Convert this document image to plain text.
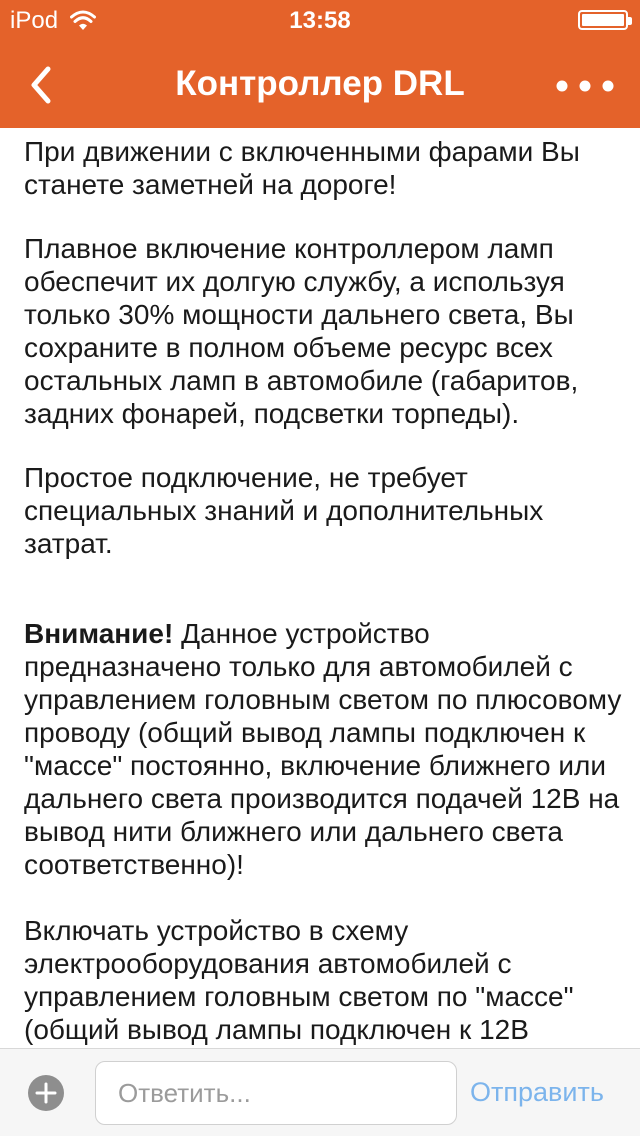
iPod	13:58
Контроллер DRL

При движении с включенными фарами Вы станете заметней на дороге!

Плавное включение контроллером ламп обеспечит их долгую службу, а используя только 30% мощности дальнего света, Вы сохраните в полном объеме ресурс всех остальных ламп в автомобиле (габаритов, задних фонарей, подсветки торпеды).

Простое подключение, не требует специальных знаний и дополнительных затрат.

Внимание! Данное устройство предназначено только для автомобилей с управлением головным светом по плюсовому проводу (общий вывод лампы подключен к "массе" постоянно, включение ближнего или дальнего света производится подачей 12В на вывод нити ближнего или дальнего света соответственно)!

Включать устройство в схему электрооборудования автомобилей с управлением головным светом по "массе" (общий вывод лампы подключен к 12В

Ответить...
Отправить
